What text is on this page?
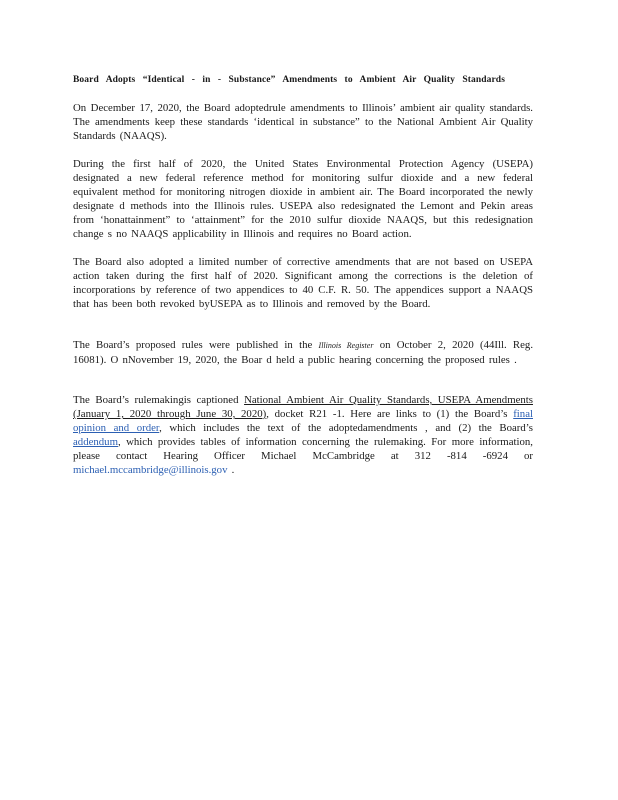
Board Adopts “Identical - in - Substance” Amendments to Ambient Air Quality Standards

On December 17, 2020, the Board adoptedrule amendments to Illinois’ ambient air quality standards. The amendments keep these standards ‘identical in substance” to the National Ambient Air Quality Standards (NAAQS).

During the first half of 2020, the United States Environmental Protection Agency (USEPA) designated a new federal reference method for monitoring sulfur dioxide and a new federal equivalent method for monitoring nitrogen dioxide in ambient air. The Board incorporated the newly designate d methods into the Illinois rules. USEPA also redesignated the Lemont and Pekin areas from ‘honattainment” to ‘attainment” for the 2010 sulfur dioxide NAAQS, but this redesignation change s no NAAQS applicability in Illinois and requires no Board action.

The Board also adopted a limited number of corrective amendments that are not based on USEPA action taken during the first half of 2020. Significant among the corrections is the deletion of incorporations by reference of two appendices to 40 C.F. R. 50. The appendices support a NAAQS that has been both revoked byUSEPA as to Illinois and removed by the Board.

The Board’s proposed rules were published in the Illinois Register on October 2, 2020 (44Ill. Reg. 16081). O nNovember 19, 2020, the Boar d held a public hearing concerning the proposed rules .

The Board’s rulemakingis captioned National Ambient Air Quality Standards, USEPA Amendments (January 1, 2020 through June 30, 2020), docket R21 -1. Here are links to (1) the Board’s final opinion and order, which includes the text of the adoptedamendments , and (2) the Board’s addendum, which provides tables of information concerning the rulemaking. For more information, please contact Hearing Officer Michael McCambridge at 312 -814 -6924 or michael.mccambridge@illinois.gov .
